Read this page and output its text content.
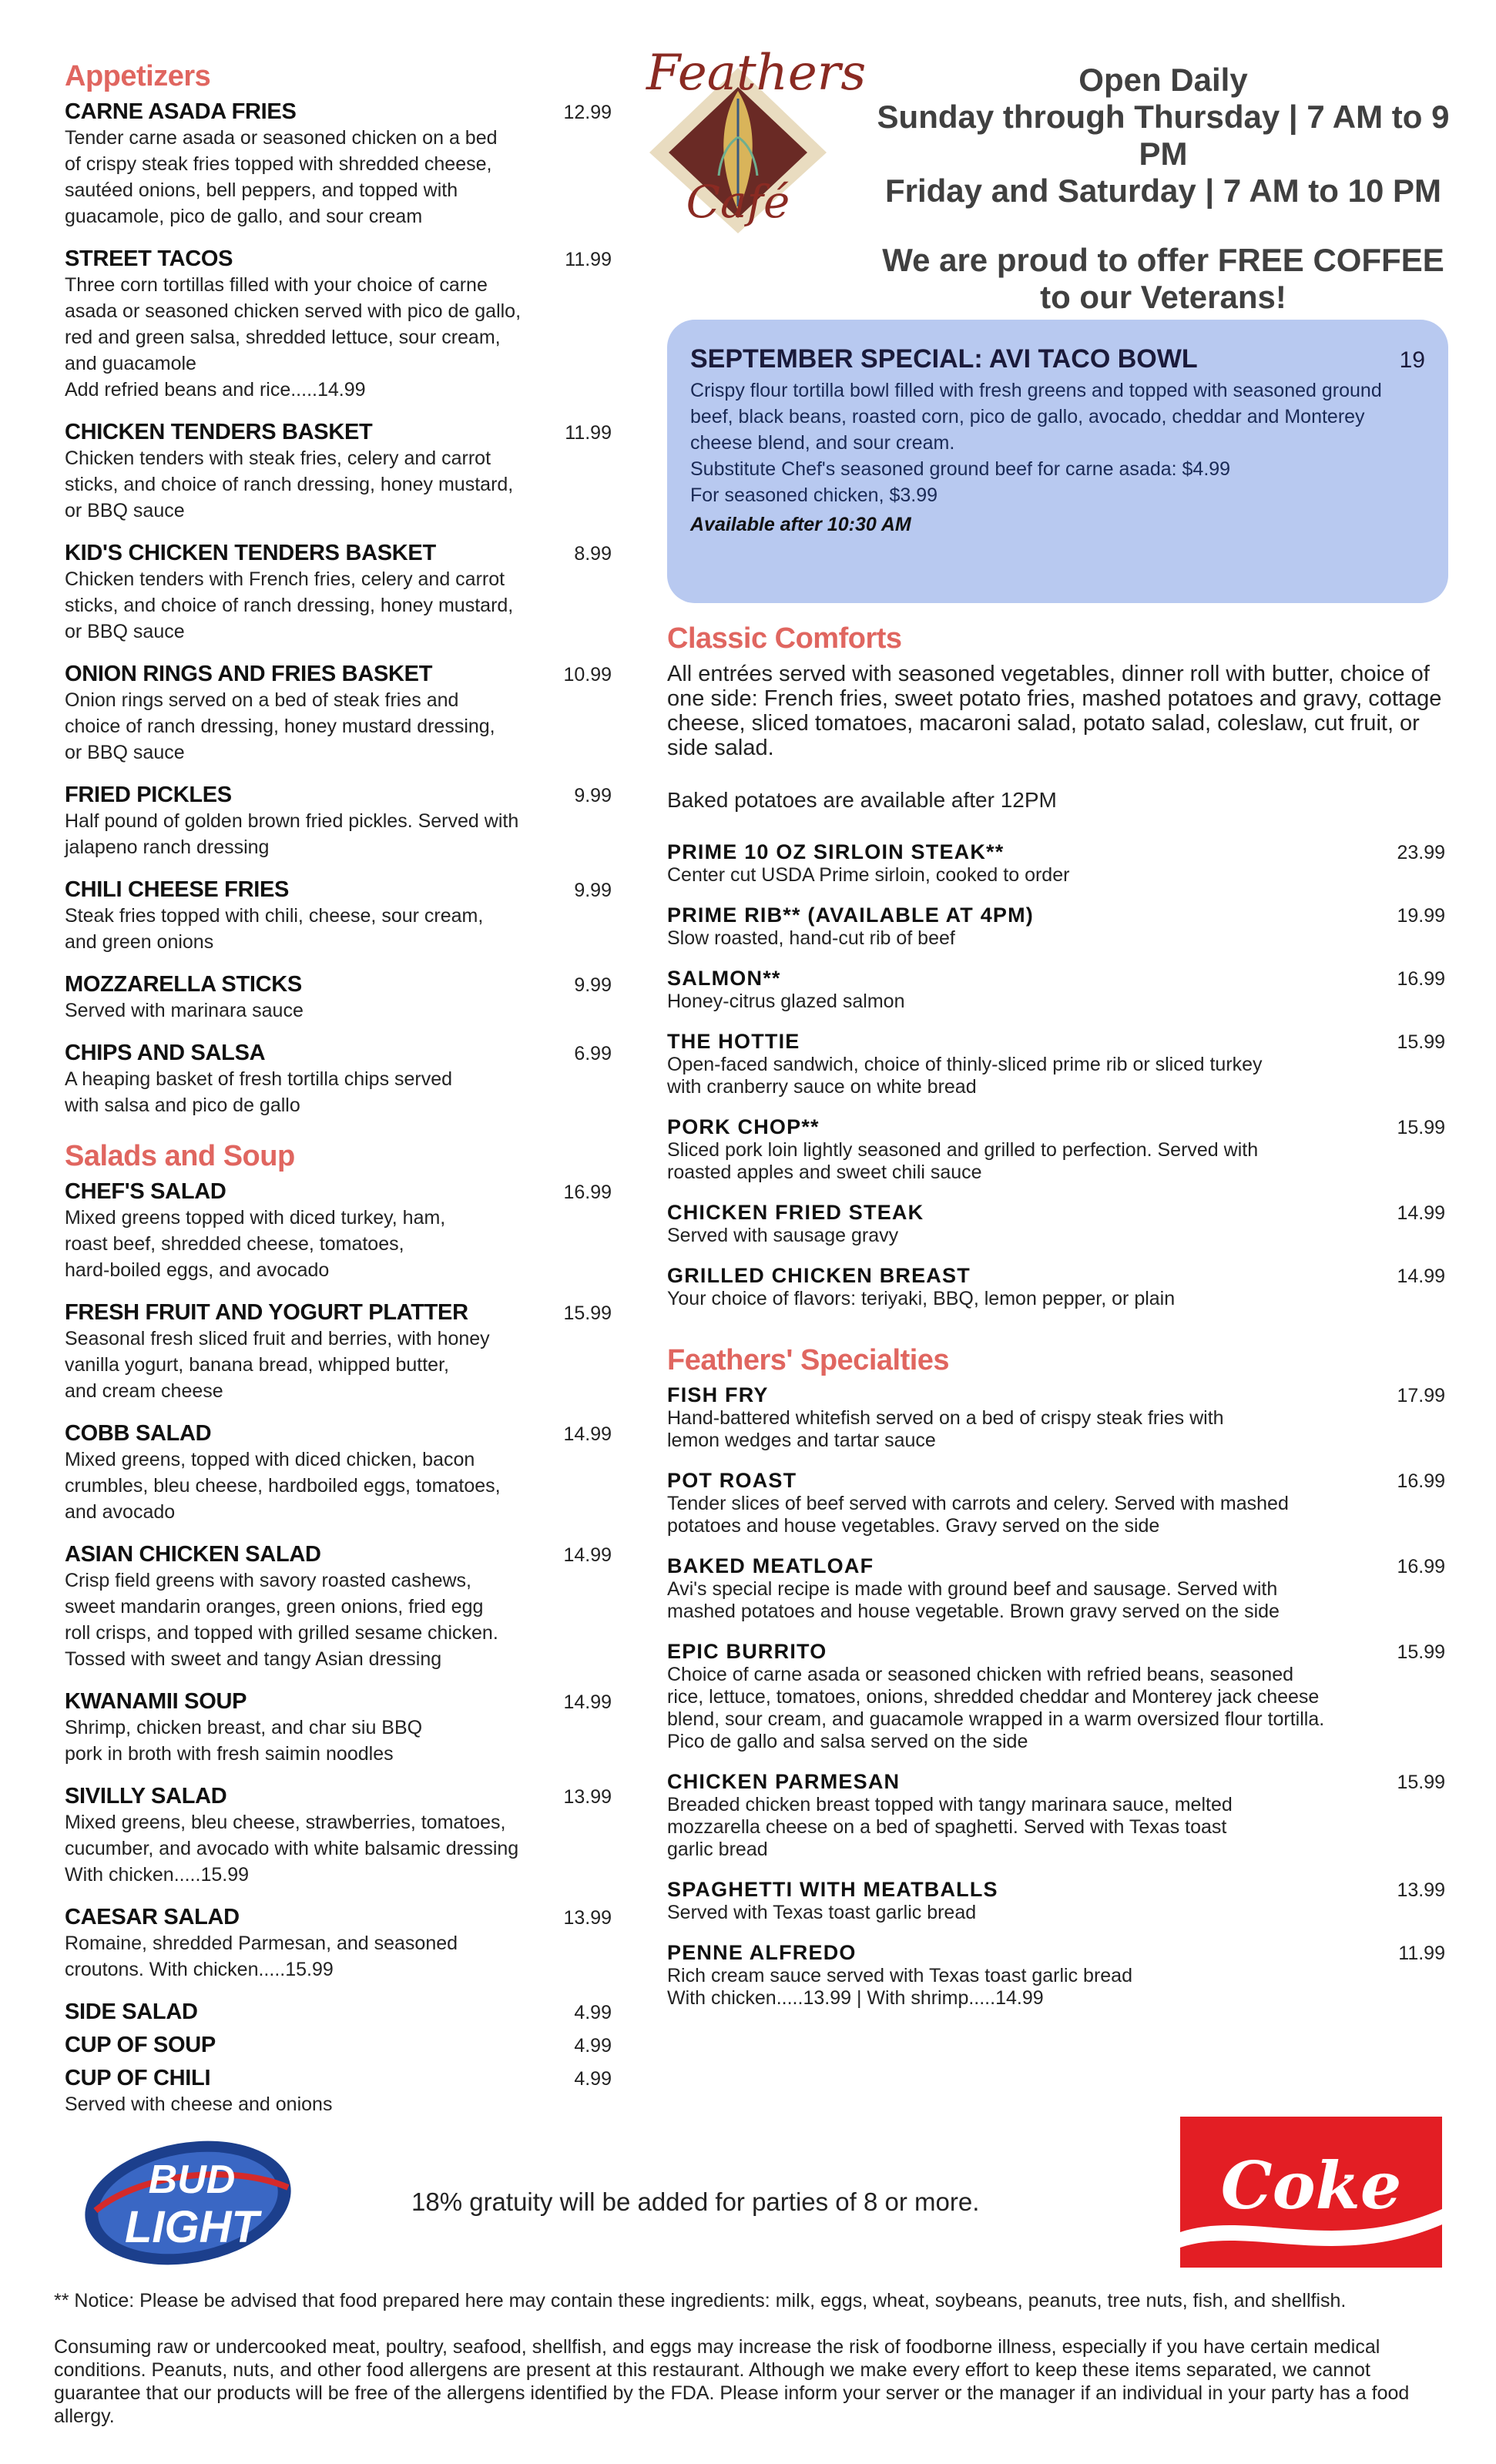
Appetizers
CARNE ASADA FRIES	12.99
Tender carne asada or seasoned chicken on a bed
of crispy steak fries topped with shredded cheese,
sautéed onions, bell peppers, and topped with
guacamole, pico de gallo, and sour cream
STREET TACOS	11.99
Three corn tortillas filled with your choice of carne
asada or seasoned chicken served with pico de gallo,
red and green salsa, shredded lettuce, sour cream,
and guacamole
Add refried beans and rice.....14.99
CHICKEN TENDERS BASKET	11.99
Chicken tenders with steak fries, celery and carrot
sticks, and choice of ranch dressing, honey mustard,
or BBQ sauce
KID'S CHICKEN TENDERS BASKET	8.99
Chicken tenders with French fries, celery and carrot
sticks, and choice of ranch dressing, honey mustard,
or BBQ sauce
ONION RINGS AND FRIES BASKET	10.99
Onion rings served on a bed of steak fries and
choice of ranch dressing, honey mustard dressing,
or BBQ sauce
FRIED PICKLES	9.99
Half pound of golden brown fried pickles. Served with
jalapeno ranch dressing
CHILI CHEESE FRIES	9.99
Steak fries topped with chili, cheese, sour cream,
and green onions
MOZZARELLA STICKS	9.99
Served with marinara sauce
CHIPS AND SALSA	6.99
A heaping basket of fresh tortilla chips served
with salsa and pico de gallo
Salads and Soup
CHEF'S SALAD	16.99
Mixed greens topped with diced turkey, ham,
roast beef, shredded cheese, tomatoes,
hard-boiled eggs, and avocado
FRESH FRUIT AND YOGURT PLATTER	15.99
Seasonal fresh sliced fruit and berries, with honey
vanilla yogurt, banana bread, whipped butter,
and cream cheese
COBB SALAD	14.99
Mixed greens, topped with diced chicken, bacon
crumbles, bleu cheese, hardboiled eggs, tomatoes,
and avocado
ASIAN CHICKEN SALAD	14.99
Crisp field greens with savory roasted cashews,
sweet mandarin oranges, green onions, fried egg
roll crisps, and topped with grilled sesame chicken.
Tossed with sweet and tangy Asian dressing
KWANAMII SOUP	14.99
Shrimp, chicken breast, and char siu BBQ
pork in broth with fresh saimin noodles
SIVILLY SALAD	13.99
Mixed greens, bleu cheese, strawberries, tomatoes,
cucumber, and avocado with white balsamic dressing
With chicken.....15.99
CAESAR SALAD	13.99
Romaine, shredded Parmesan, and seasoned
croutons. With chicken.....15.99
SIDE SALAD	4.99
CUP OF SOUP	4.99
CUP OF CHILI	4.99
Served with cheese and onions
Feathers
Café

Open Daily

Sunday through Thursday | 7 AM to 9 PM

Friday and Saturday | 7 AM to 10 PM

We are proud to offer FREE COFFEE

to our Veterans!

SEPTEMBER SPECIAL: AVI TACO BOWL	19
Crispy flour tortilla bowl filled with fresh greens and topped with seasoned ground beef, black beans, roasted corn, pico de gallo, avocado, cheddar and Monterey cheese blend, and sour cream.
Substitute Chef's seasoned ground beef for carne asada: $4.99
For seasoned chicken, $3.99
Available after 10:30 AM
Classic Comforts
All entrées served with seasoned vegetables, dinner roll with butter, choice of one side: French fries, sweet potato fries, mashed potatoes and gravy, cottage cheese, sliced tomatoes, macaroni salad, potato salad, coleslaw, cut fruit, or side salad.
Baked potatoes are available after 12PM
PRIME 10 OZ SIRLOIN STEAK**	23.99
Center cut USDA Prime sirloin, cooked to order
PRIME RIB** (AVAILABLE AT 4PM)	19.99
Slow roasted, hand-cut rib of beef
SALMON**	16.99
Honey-citrus glazed salmon
THE HOTTIE	15.99
Open-faced sandwich, choice of thinly-sliced prime rib or sliced turkey
with cranberry sauce on white bread
PORK CHOP**	15.99
Sliced pork loin lightly seasoned and grilled to perfection. Served with
roasted apples and sweet chili sauce
CHICKEN FRIED STEAK	14.99
Served with sausage gravy
GRILLED CHICKEN BREAST	14.99
Your choice of flavors: teriyaki, BBQ, lemon pepper, or plain
Feathers' Specialties
FISH FRY	17.99
Hand-battered whitefish served on a bed of crispy steak fries with
lemon wedges and tartar sauce
POT ROAST	16.99
Tender slices of beef served with carrots and celery. Served with mashed
potatoes and house vegetables. Gravy served on the side
BAKED MEATLOAF	16.99
Avi's special recipe is made with ground beef and sausage. Served with
mashed potatoes and house vegetable. Brown gravy served on the side
EPIC BURRITO	15.99
Choice of carne asada or seasoned chicken with refried beans, seasoned
rice, lettuce, tomatoes, onions, shredded cheddar and Monterey jack cheese
blend, sour cream, and guacamole wrapped in a warm oversized flour tortilla.
Pico de gallo and salsa served on the side
CHICKEN PARMESAN	15.99
Breaded chicken breast topped with tangy marinara sauce, melted
mozzarella cheese on a bed of spaghetti. Served with Texas toast
garlic bread
SPAGHETTI WITH MEATBALLS	13.99
Served with Texas toast garlic bread
PENNE ALFREDO	11.99
Rich cream sauce served with Texas toast garlic bread
With chicken.....13.99 | With shrimp.....14.99
BUD
LIGHT
18% gratuity will be added for parties of 8 or more.	Coke

** Notice: Please be advised that food prepared here may contain these ingredients: milk, eggs, wheat, soybeans, peanuts, tree nuts, fish, and shellfish.

Consuming raw or undercooked meat, poultry, seafood, shellfish, and eggs may increase the risk of foodborne illness, especially if you have certain medical conditions. Peanuts, nuts, and other food allergens are present at this restaurant. Although we make every effort to keep these items separated, we cannot guarantee that our products will be free of the allergens identified by the FDA. Please inform your server or the manager if an individual in your party has a food allergy.
